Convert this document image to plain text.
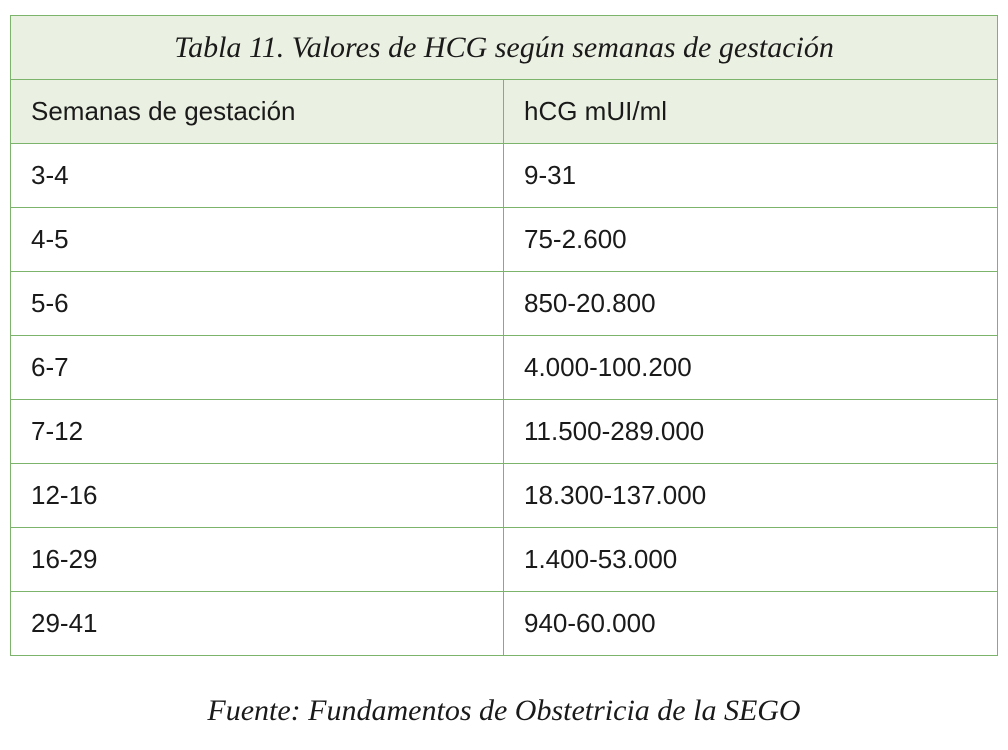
Tabla 11. Valores de HCG según semanas de gestación	
Semanas de gestación	hCG mUI/ml
3-4	9-31
4-5	75-2.600
5-6	850-20.800
6-7	4.000-100.200
7-12	11.500-289.000
12-16	18.300-137.000
16-29	1.400-53.000
29-41	940-60.000
Fuente: Fundamentos de Obstetricia de la SEGO
